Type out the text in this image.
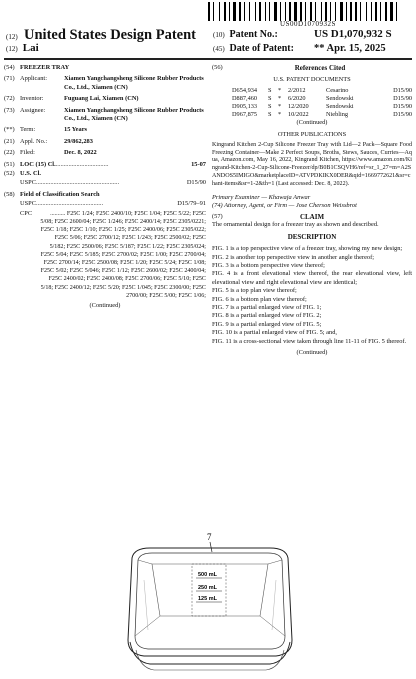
US00D1070932S
(12) United States Design Patent
(12) Lai
(10) Patent No.:	US D1,070,932 S
(45) Date of Patent: ** Apr. 15, 2025
(54) FREEZER TRAY
(71) Applicant:	Xiamen Yangchangsheng Silicone Rubber Products Co., Ltd., Xiamen (CN)
(72) Inventor:	Fuguang Lai, Xiamen (CN)
(73) Assignee:	Xiamen Yangchangsheng Silicone Rubber Products Co., Ltd., Xiamen (CN)
(**) Term:	15 Years
(21) Appl. No.:	29/862,283
(22) Filed:	Dec. 8, 2022
(51) LOC (15) Cl. .................................	15-07
(52) U.S. Cl.
USPC ....................................................	D15/90
(58) Field of Classification Search
USPC ..........................................	D15/79–91
CPC	.......... F25C 1/24; F25C 2400/10; F25C 1/04; F25C 5/22; F25C 5/08; F25C 2600/04; F25C 1/246; F25C 2400/14; F25C 2305/0221; F25C 1/18; F25C 1/10; F25C 1/25; F25C 2400/06; F25C 2305/022; F25C 5/06; F25C 2700/12; F25C 1/243; F25C 2500/02; F25C 5/182; F25C 2500/06; F25C 5/187; F25C 1/22; F25C 2305/024; F25C 5/04; F25C 5/185; F25C 2700/02; F25C 1/00; F25C 2700/04; F25C 2700/14; F25C 2500/08; F25C 1/20; F25C 5/24; F25C 1/08; F25C 5/02; F25C 5/046; F25C 1/12; F25C 2600/02; F25C 2400/04; F25C 2400/02; F25C 2400/08; F25C 2700/06; F25C 5/10; F25C 5/18; F25C 2400/12; F25C 5/20; F25C 1/045; F25C 2300/00; F25C 2700/00; F25C 5/00; F25C 1/06;
(Continued)
(56)	References Cited
U.S. PATENT DOCUMENTS
D654,934	S	*	2/2012	Cesarino	D15/90
D887,460	S	*	6/2020	Sendowski	D15/90
D905,133	S	*	12/2020	Sendowski	D15/90
D967,875	S	*	10/2022	Niebling	D15/90
(Continued)
OTHER PUBLICATIONS
Kingrand Kitchen 2-Cup Silicone Freezer Tray with Lid—2 Pack—Square Food Freezing Container—Make 2 Perfect Soups, Broths, Stews, Sauces, Curries—Aqua, Amazon.com, May 16, 2022, Kingrand Kitchen, https://www.amazon.com/Kingrand-Kitchen-2-Cup-Silicone-Freezer/dp/B0B1CSQVH6/ref=sr_1_27=m=A2SANDOS5IMIGO&marketplaceID=ATVPDKIKX0DER&qid=1669772621&sr=chant-items&sr=1-2&th=1 (Last accessed: Dec. 8, 2022).
Primary Examiner — Khawaja Anwar
(74) Attorney, Agent, or Firm — Jose Cherson Weissbrot
(57)	CLAIM
The ornamental design for a freezer tray as shown and described.
DESCRIPTION
FIG. 1 is a top perspective view of a freezer tray, showing my new design;
FIG. 2 is another top perspective view in another angle thereof;
FIG. 3 is a bottom perspective view thereof;
FIG. 4 is a front elevational view thereof, the rear elevational view, left elevational view and right elevational view are identical;
FIG. 5 is a top plan view thereof;
FIG. 6 is a bottom plan view thereof;
FIG. 7 is a partial enlarged view of FIG. 1;
FIG. 8 is a partial enlarged view of FIG. 2;
FIG. 9 is a partial enlarged view of FIG. 5;
FIG. 10 is a partial enlarged view of FIG. 5; and,
FIG. 11 is a cross-sectional view taken through line 11-11 of FIG. 5 thereof.
(Continued)
7
500 mL
250 mL
125 mL
